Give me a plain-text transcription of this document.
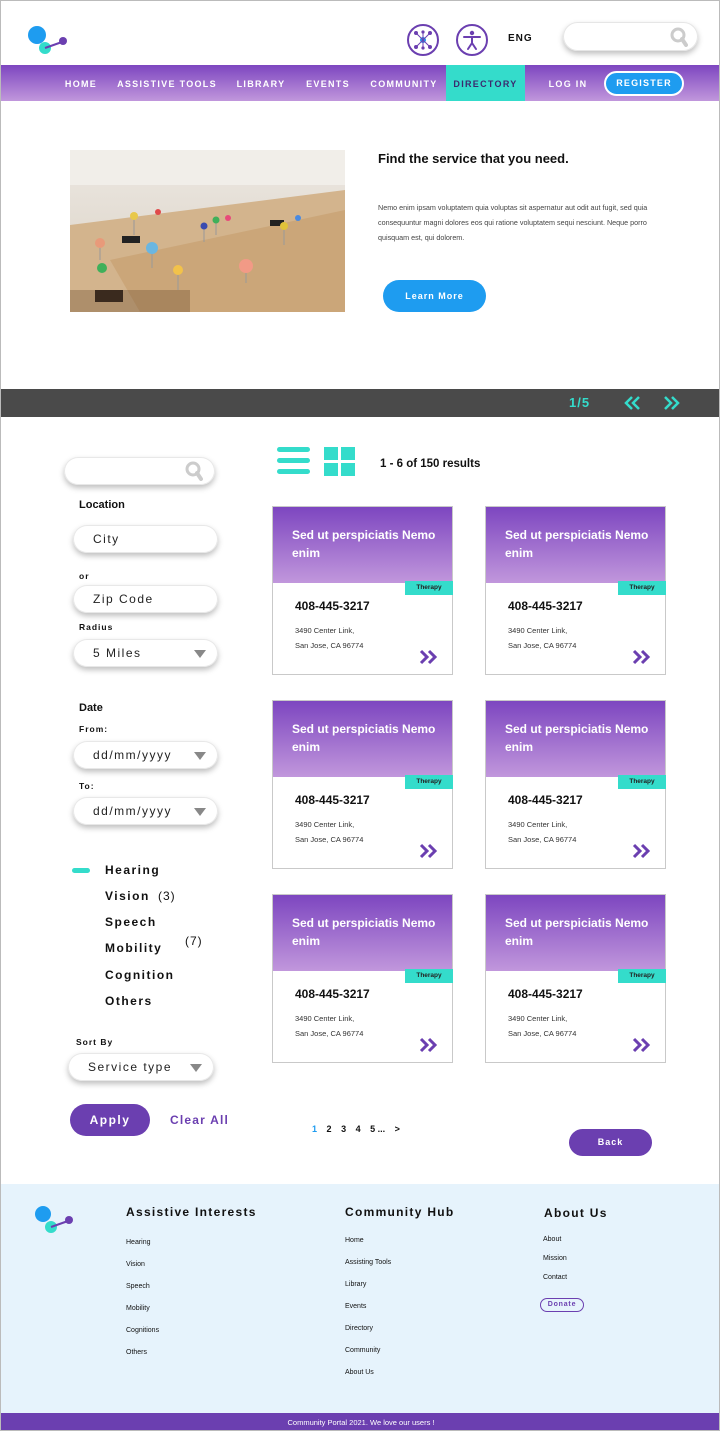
ENG
HOME	ASSISTIVE TOOLS	LIBRARY	EVENTS	COMMUNITY	DIRECTORY	LOG IN	REGISTER
Find the service that you need.
Nemo enim ipsam voluptatem quia voluptas sit aspernatur aut odit aut fugit, sed quia consequuntur magni dolores eos qui ratione voluptatem sequi nesciunt. Neque porro quisquam est, qui dolorem.
Learn More
1/5
Location
City
or
Zip Code
Radius
5 Miles
Date
From:
dd/mm/yyyy
To:
dd/mm/yyyy
Hearing
Vision (3)
Speech
Mobility (7)
Cognition
Others
Sort By
Service type
Apply	Clear All
1 - 6 of 150 results
Sed ut perspiciatis Nemo enim
Therapy
408-445-3217
3490 Center Link,
San Jose, CA 96774
Sed ut perspiciatis Nemo enim
Therapy
408-445-3217
3490 Center Link,
San Jose, CA 96774
Sed ut perspiciatis Nemo enim
Therapy
408-445-3217
3490 Center Link,
San Jose, CA 96774
Sed ut perspiciatis Nemo enim
Therapy
408-445-3217
3490 Center Link,
San Jose, CA 96774
Sed ut perspiciatis Nemo enim
Therapy
408-445-3217
3490 Center Link,
San Jose, CA 96774
Sed ut perspiciatis Nemo enim
Therapy
408-445-3217
3490 Center Link,
San Jose, CA 96774
1 2 3 4 5 ... >
Back
Assistive Interests
Hearing
Vision
Speech
Mobility
Cognitions
Others
Community Hub
Home
Assisting Tools
Library
Events
Directory
Community
About Us
About Us
About
Mission
Contact
Donate
Community Portal 2021. We love our users !
